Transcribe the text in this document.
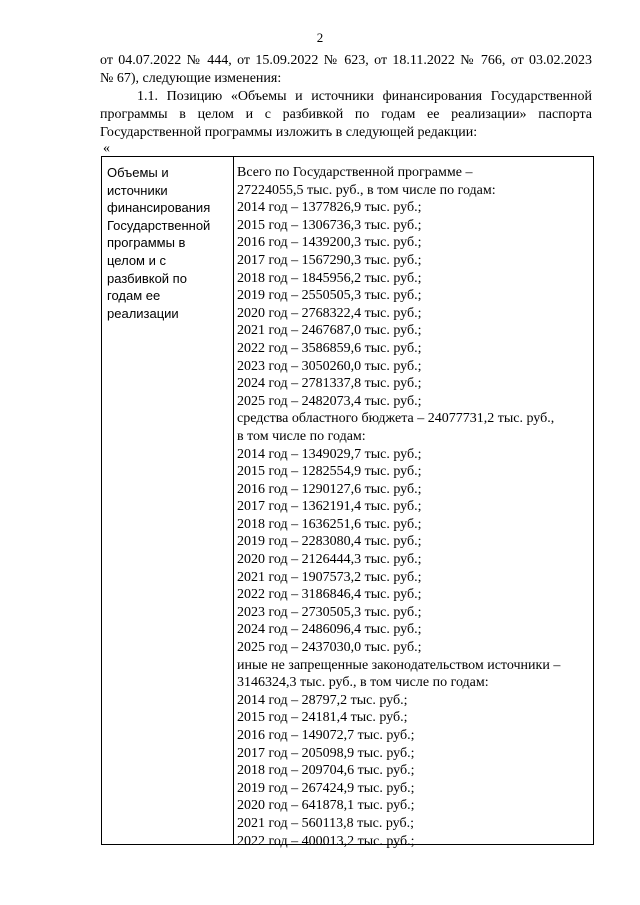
2
от 04.07.2022 № 444, от 15.09.2022 № 623, от 18.11.2022 № 766, от 03.02.2023
№ 67), следующие изменения:
1.1. Позицию «Объемы и источники финансирования Государственной
программы в целом и с разбивкой по годам ее реализации» паспорта
Государственной программы изложить в следующей редакции:
«
Объемы и
источники
финансирования
Государственной
программы в
целом и с
разбивкой по
годам ее
реализации
Всего по Государственной программе –
27224055,5 тыс. руб., в том числе по годам:
2014 год – 1377826,9 тыс. руб.;
2015 год – 1306736,3 тыс. руб.;
2016 год – 1439200,3 тыс. руб.;
2017 год – 1567290,3 тыс. руб.;
2018 год – 1845956,2 тыс. руб.;
2019 год – 2550505,3 тыс. руб.;
2020 год – 2768322,4 тыс. руб.;
2021 год – 2467687,0 тыс. руб.;
2022 год – 3586859,6 тыс. руб.;
2023 год – 3050260,0 тыс. руб.;
2024 год – 2781337,8 тыс. руб.;
2025 год – 2482073,4 тыс. руб.;
средства областного бюджета – 24077731,2 тыс. руб.,
в том числе по годам:
2014 год – 1349029,7 тыс. руб.;
2015 год – 1282554,9 тыс. руб.;
2016 год – 1290127,6 тыс. руб.;
2017 год – 1362191,4 тыс. руб.;
2018 год – 1636251,6 тыс. руб.;
2019 год – 2283080,4 тыс. руб.;
2020 год – 2126444,3 тыс. руб.;
2021 год – 1907573,2 тыс. руб.;
2022 год – 3186846,4 тыс. руб.;
2023 год – 2730505,3 тыс. руб.;
2024 год – 2486096,4 тыс. руб.;
2025 год – 2437030,0 тыс. руб.;
иные не запрещенные законодательством источники –
3146324,3 тыс. руб., в том числе по годам:
2014 год – 28797,2 тыс. руб.;
2015 год – 24181,4 тыс. руб.;
2016 год – 149072,7 тыс. руб.;
2017 год – 205098,9 тыс. руб.;
2018 год – 209704,6 тыс. руб.;
2019 год – 267424,9 тыс. руб.;
2020 год – 641878,1 тыс. руб.;
2021 год – 560113,8 тыс. руб.;
2022 год – 400013,2 тыс. руб.;
